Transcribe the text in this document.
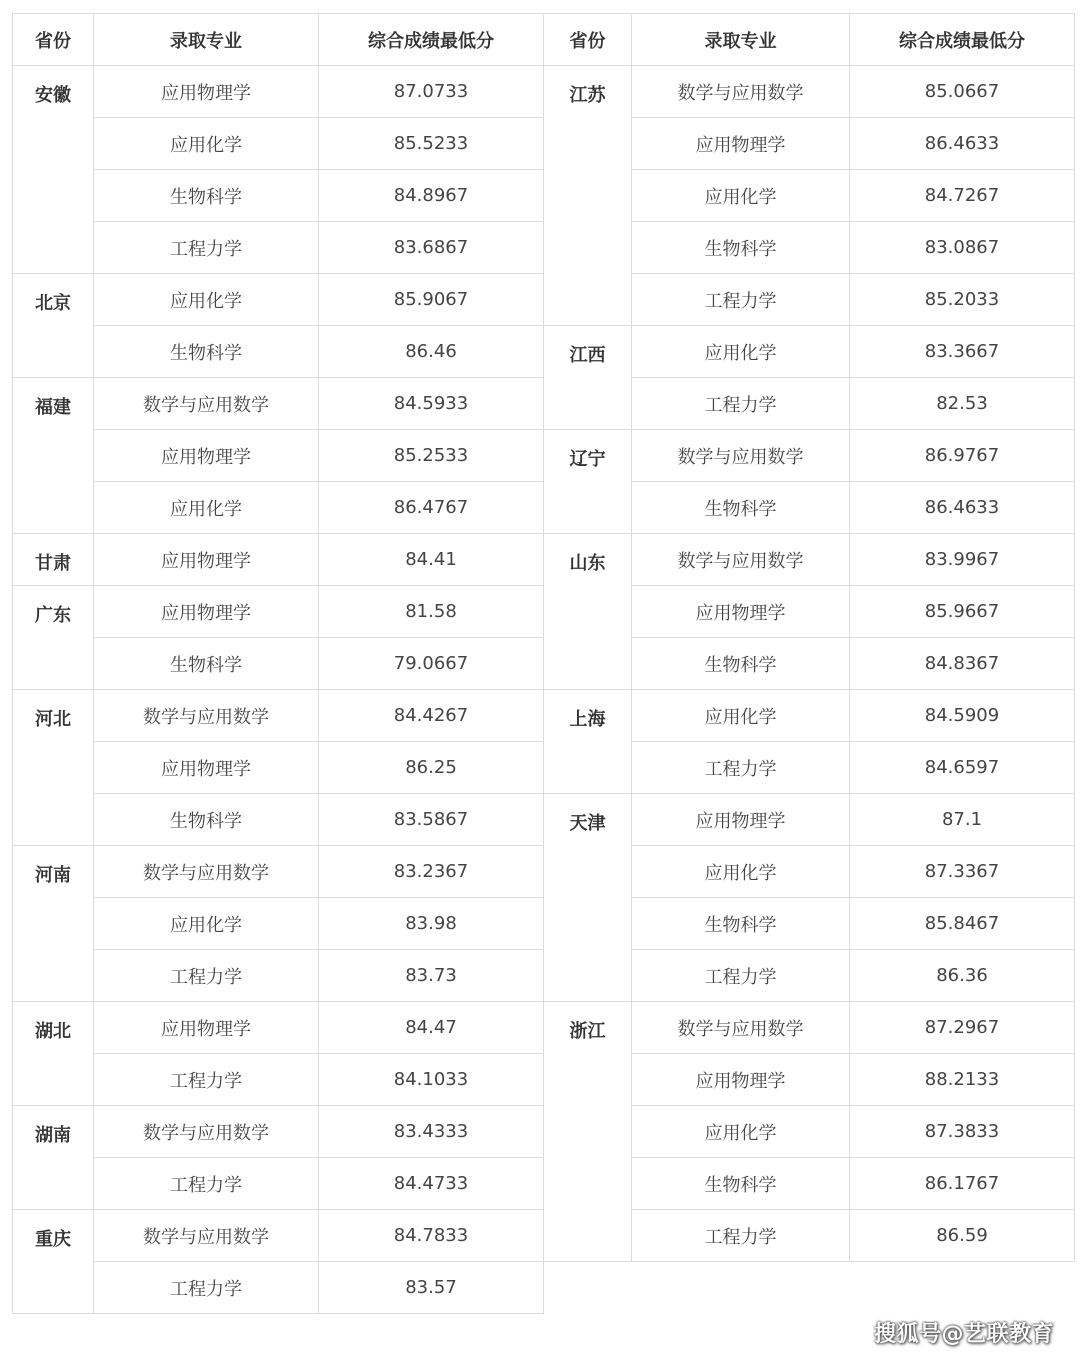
省份	录取专业	综合成绩最低分
安徽	应用物理学	87.0733
	应用化学	85.5233
	生物科学	84.8967
	工程力学	83.6867
北京	应用化学	85.9067
	生物科学	86.46
福建	数学与应用数学	84.5933
	应用物理学	85.2533
	应用化学	86.4767
甘肃	应用物理学	84.41
广东	应用物理学	81.58
	生物科学	79.0667
河北	数学与应用数学	84.4267
	应用物理学	86.25
	生物科学	83.5867
河南	数学与应用数学	83.2367
	应用化学	83.98
	工程力学	83.73
湖北	应用物理学	84.47
	工程力学	84.1033
湖南	数学与应用数学	83.4333
	工程力学	84.4733
重庆	数学与应用数学	84.7833
	工程力学	83.57
省份	录取专业	综合成绩最低分
江苏	数学与应用数学	85.0667
	应用物理学	86.4633
	应用化学	84.7267
	生物科学	83.0867
	工程力学	85.2033
江西	应用化学	83.3667
	工程力学	82.53
辽宁	数学与应用数学	86.9767
	生物科学	86.4633
山东	数学与应用数学	83.9967
	应用物理学	85.9667
	生物科学	84.8367
上海	应用化学	84.5909
	工程力学	84.6597
天津	应用物理学	87.1
	应用化学	87.3367
	生物科学	85.8467
	工程力学	86.36
浙江	数学与应用数学	87.2967
	应用物理学	88.2133
	应用化学	87.3833
	生物科学	86.1767
	工程力学	86.59

搜狐号@艺联教育
